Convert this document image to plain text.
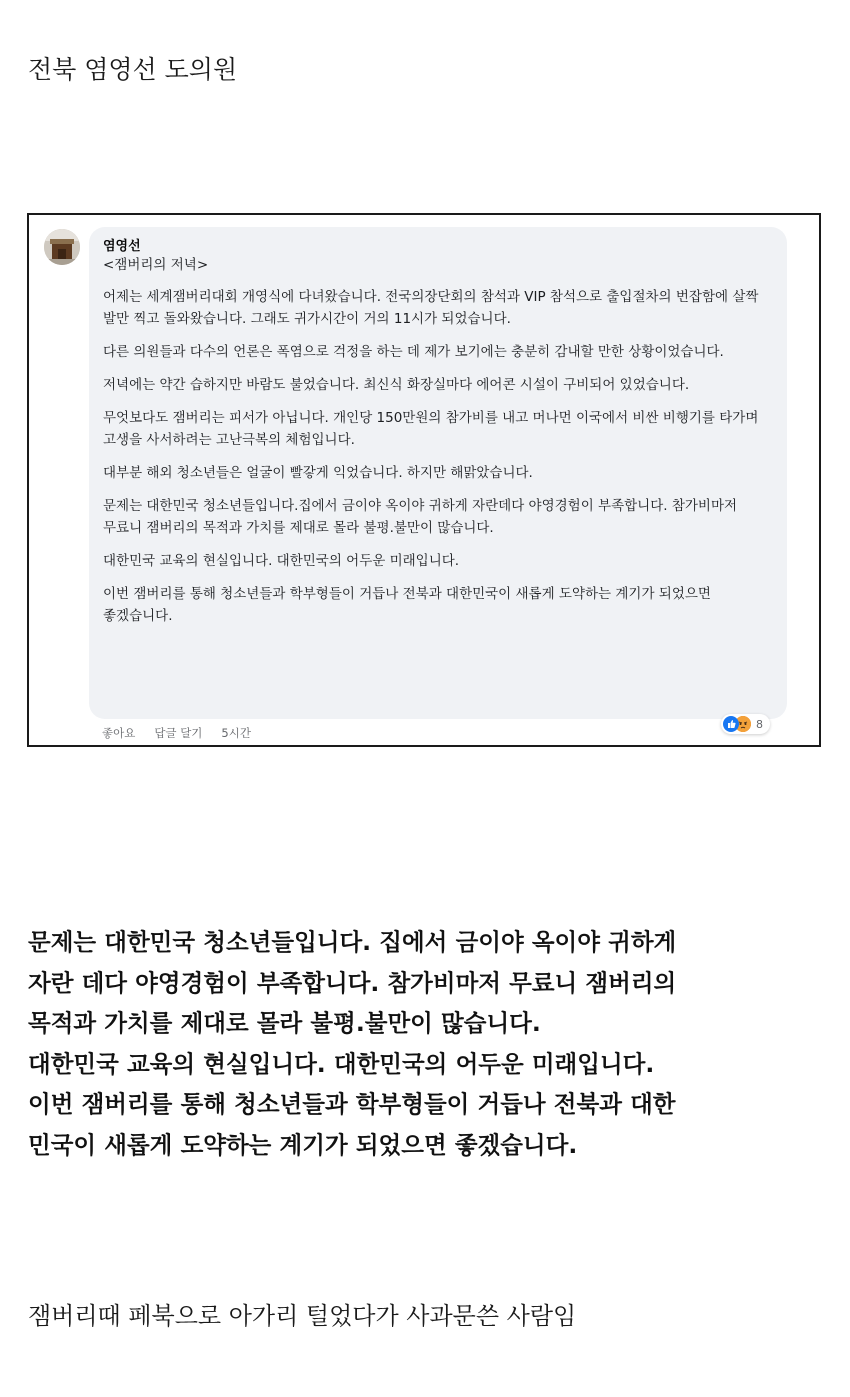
전북 염영선 도의원
염영선
<잼버리의 저녁>
어제는 세계잼버리대회 개영식에 다녀왔습니다. 전국의장단회의 참석과 VIP 참석으로 출입절차의 번잡함에 살짝 발만 찍고 돌와왔습니다. 그래도 귀가시간이 거의 11시가 되었습니다.
다른 의원들과 다수의 언론은 폭염으로 걱정을 하는 데 제가 보기에는 충분히 감내할 만한 상황이었습니다.
저녁에는 약간 습하지만 바람도 불었습니다. 최신식 화장실마다 에어콘 시설이 구비되어 있었습니다.
무엇보다도 잼버리는 피서가 아닙니다. 개인당 150만원의 참가비를 내고 머나먼 이국에서 비싼 비행기를 타가며 고생을 사서하려는 고난극복의 체험입니다.
대부분 해외 청소년들은 얼굴이 빨갛게 익었습니다. 하지만 해맑았습니다.
문제는 대한민국 청소년들입니다.집에서 금이야 옥이야 귀하게 자란데다 야영경험이 부족합니다. 참가비마저 무료니 잼버리의 목적과 가치를 제대로 몰라 불평.불만이 많습니다.
대한민국 교육의 현실입니다. 대한민국의 어두운 미래입니다.
이번 잼버리를 통해 청소년들과 학부형들이 거듭나 전북과 대한민국이 새롭게 도약하는 계기가 되었으면 좋겠습니다.
8
좋아요 답글 달기 5시간
문제는 대한민국 청소년들입니다. 집에서 금이야 옥이야 귀하게
자란 데다 야영경험이 부족합니다. 참가비마저 무료니 잼버리의
목적과 가치를 제대로 몰라 불평.불만이 많습니다.
대한민국 교육의 현실입니다. 대한민국의 어두운 미래입니다.
이번 잼버리를 통해 청소년들과 학부형들이 거듭나 전북과 대한
민국이 새롭게 도약하는 계기가 되었으면 좋겠습니다.
잼버리때 페북으로 아가리 털었다가 사과문쓴 사람임
